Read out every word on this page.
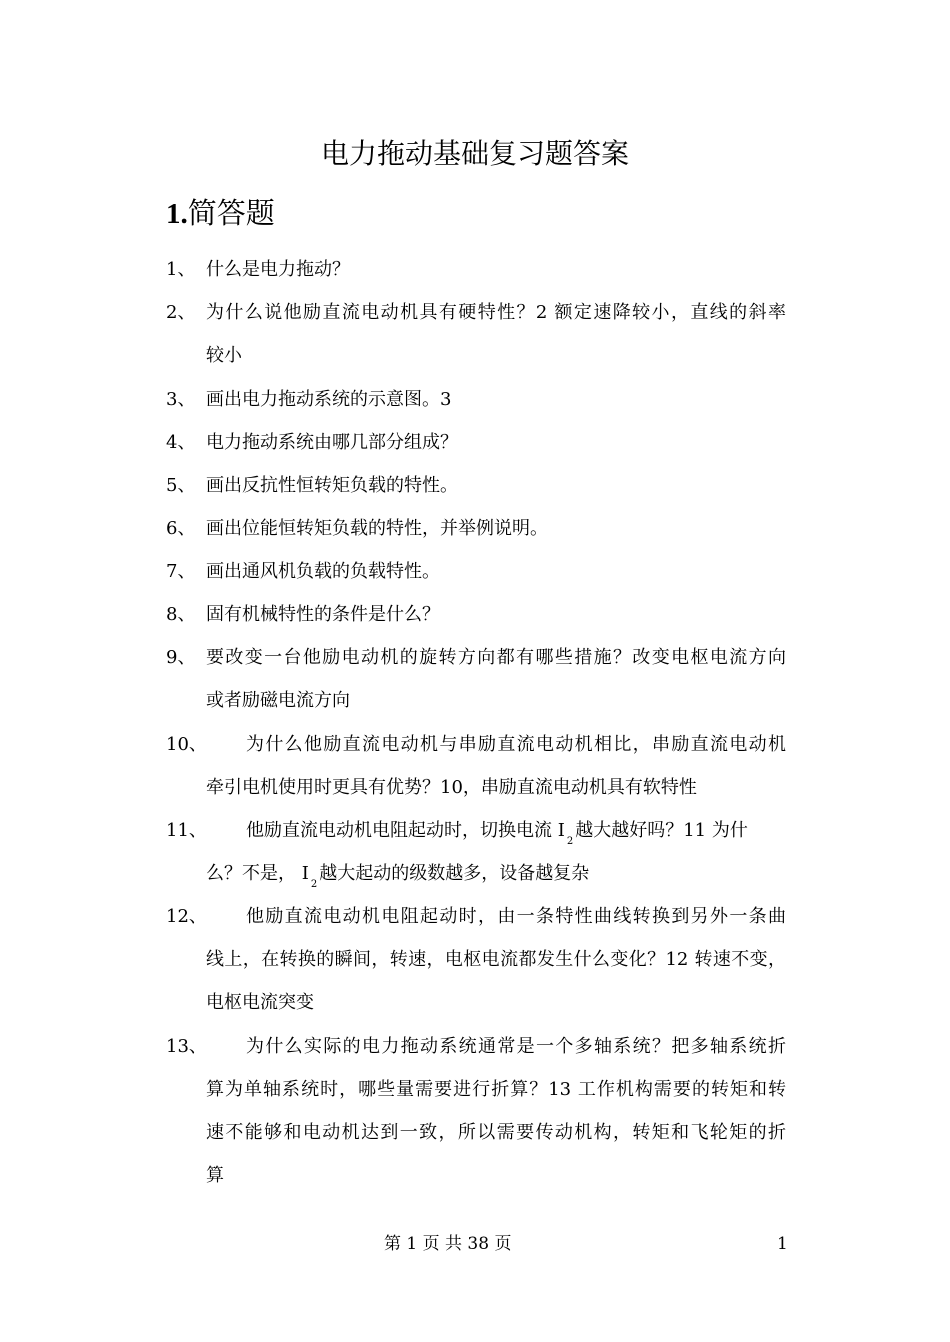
电力拖动基础复习题答案
1.简答题
1、 什么是电力拖动？
2、 为什么说他励直流电动机具有硬特性？2 额定速降较小，直线的斜率
较小
3、 画出电力拖动系统的示意图。3
4、 电力拖动系统由哪几部分组成？
5、 画出反抗性恒转矩负载的特性。
6、 画出位能恒转矩负载的特性，并举例说明。
7、 画出通风机负载的负载特性。
8、 固有机械特性的条件是什么？
9、 要改变一台他励电动机的旋转方向都有哪些措施？改变电枢电流方向
或者励磁电流方向
10、 为什么他励直流电动机与串励直流电动机相比，串励直流电动机
牵引电机使用时更具有优势？10，串励直流电动机具有软特性
11、 他励直流电动机电阻起动时，切换电流 $I_2$越大越好吗？11 为什
么？不是， $I_2$越大起动的级数越多，设备越复杂
12、 他励直流电动机电阻起动时，由一条特性曲线转换到另外一条曲
线上，在转换的瞬间，转速，电枢电流都发生什么变化？12 转速不变，
电枢电流突变
13、 为什么实际的电力拖动系统通常是一个多轴系统？把多轴系统折
算为单轴系统时，哪些量需要进行折算？13 工作机构需要的转矩和转
速不能够和电动机达到一致，所以需要传动机构，转矩和飞轮矩的折
算
第 1 页 共 38 页	1
